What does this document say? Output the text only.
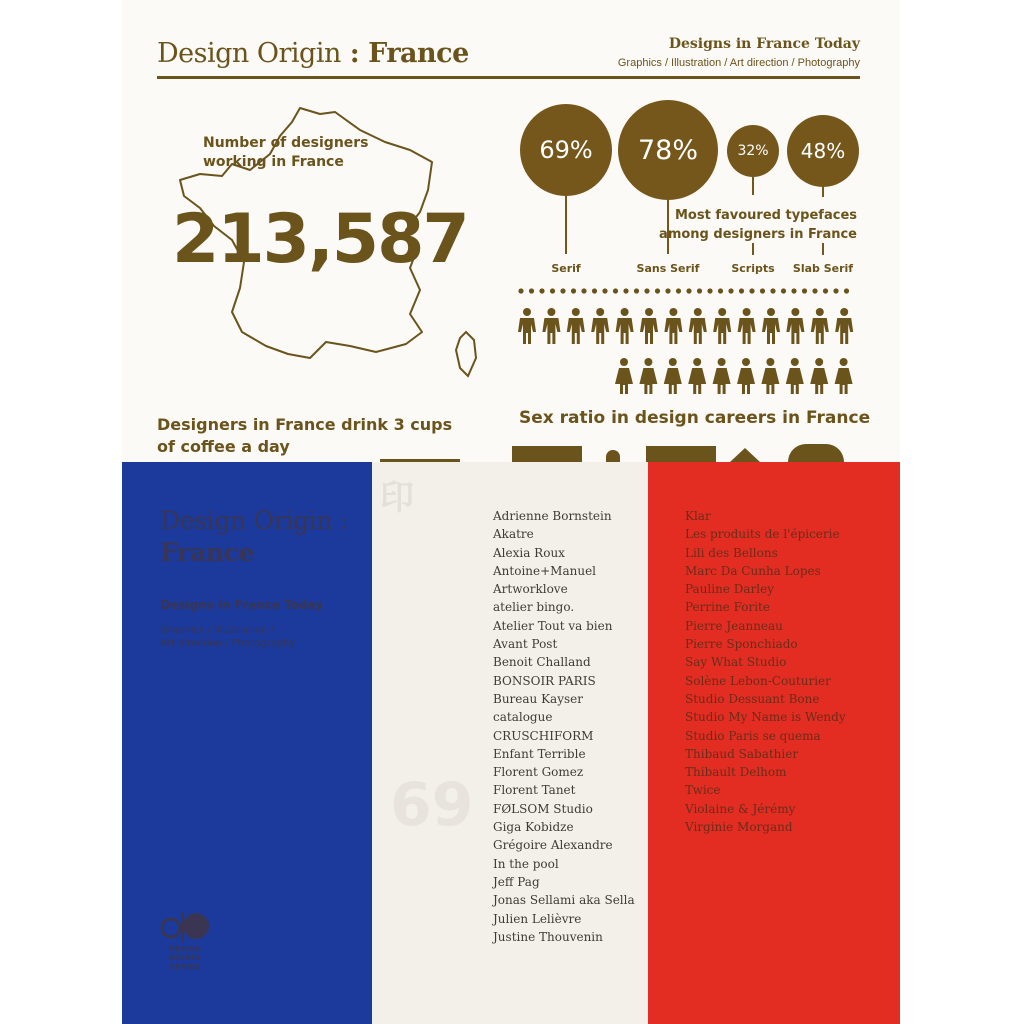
Design Origin : France	Designs in France Today
Graphics / Illustration / Art direction / Photography
Number of designers working in France
213,587
69%
Serif
78%
Sans Serif
32%
Scripts
48%
Slab Serif
Most favoured typefaces among designers in France
Sex ratio in design careers in France
Designers in France drink 3 cups of coffee a day
印
69
Design Origin :
France
Designs in France Today
Graphics / Illustration /
Art direction / Photography
DESIGN ORIGIN
SERIES
Adrienne Bornstein
Akatre
Alexia Roux
Antoine+Manuel
Artworklove
atelier bingo.
Atelier Tout va bien
Avant Post
Benoit Challand
BONSOIR PARIS
Bureau Kayser
catalogue
CRUSCHIFORM
Enfant Terrible
Florent Gomez
Florent Tanet
FØLSOM Studio
Giga Kobidze
Grégoire Alexandre
In the pool
Jeff Pag
Jonas Sellami aka Sella
Julien Lelièvre
Justine Thouvenin
Klar
Les produits de l'épicerie
Lili des Bellons
Marc Da Cunha Lopes
Pauline Darley
Perrine Forite
Pierre Jeanneau
Pierre Sponchiado
Say What Studio
Solène Lebon-Couturier
Studio Dessuant Bone
Studio My Name is Wendy
Studio Paris se quema
Thibaud Sabathier
Thibault Delhom
Twice
Violaine & Jérémy
Virginie Morgand
